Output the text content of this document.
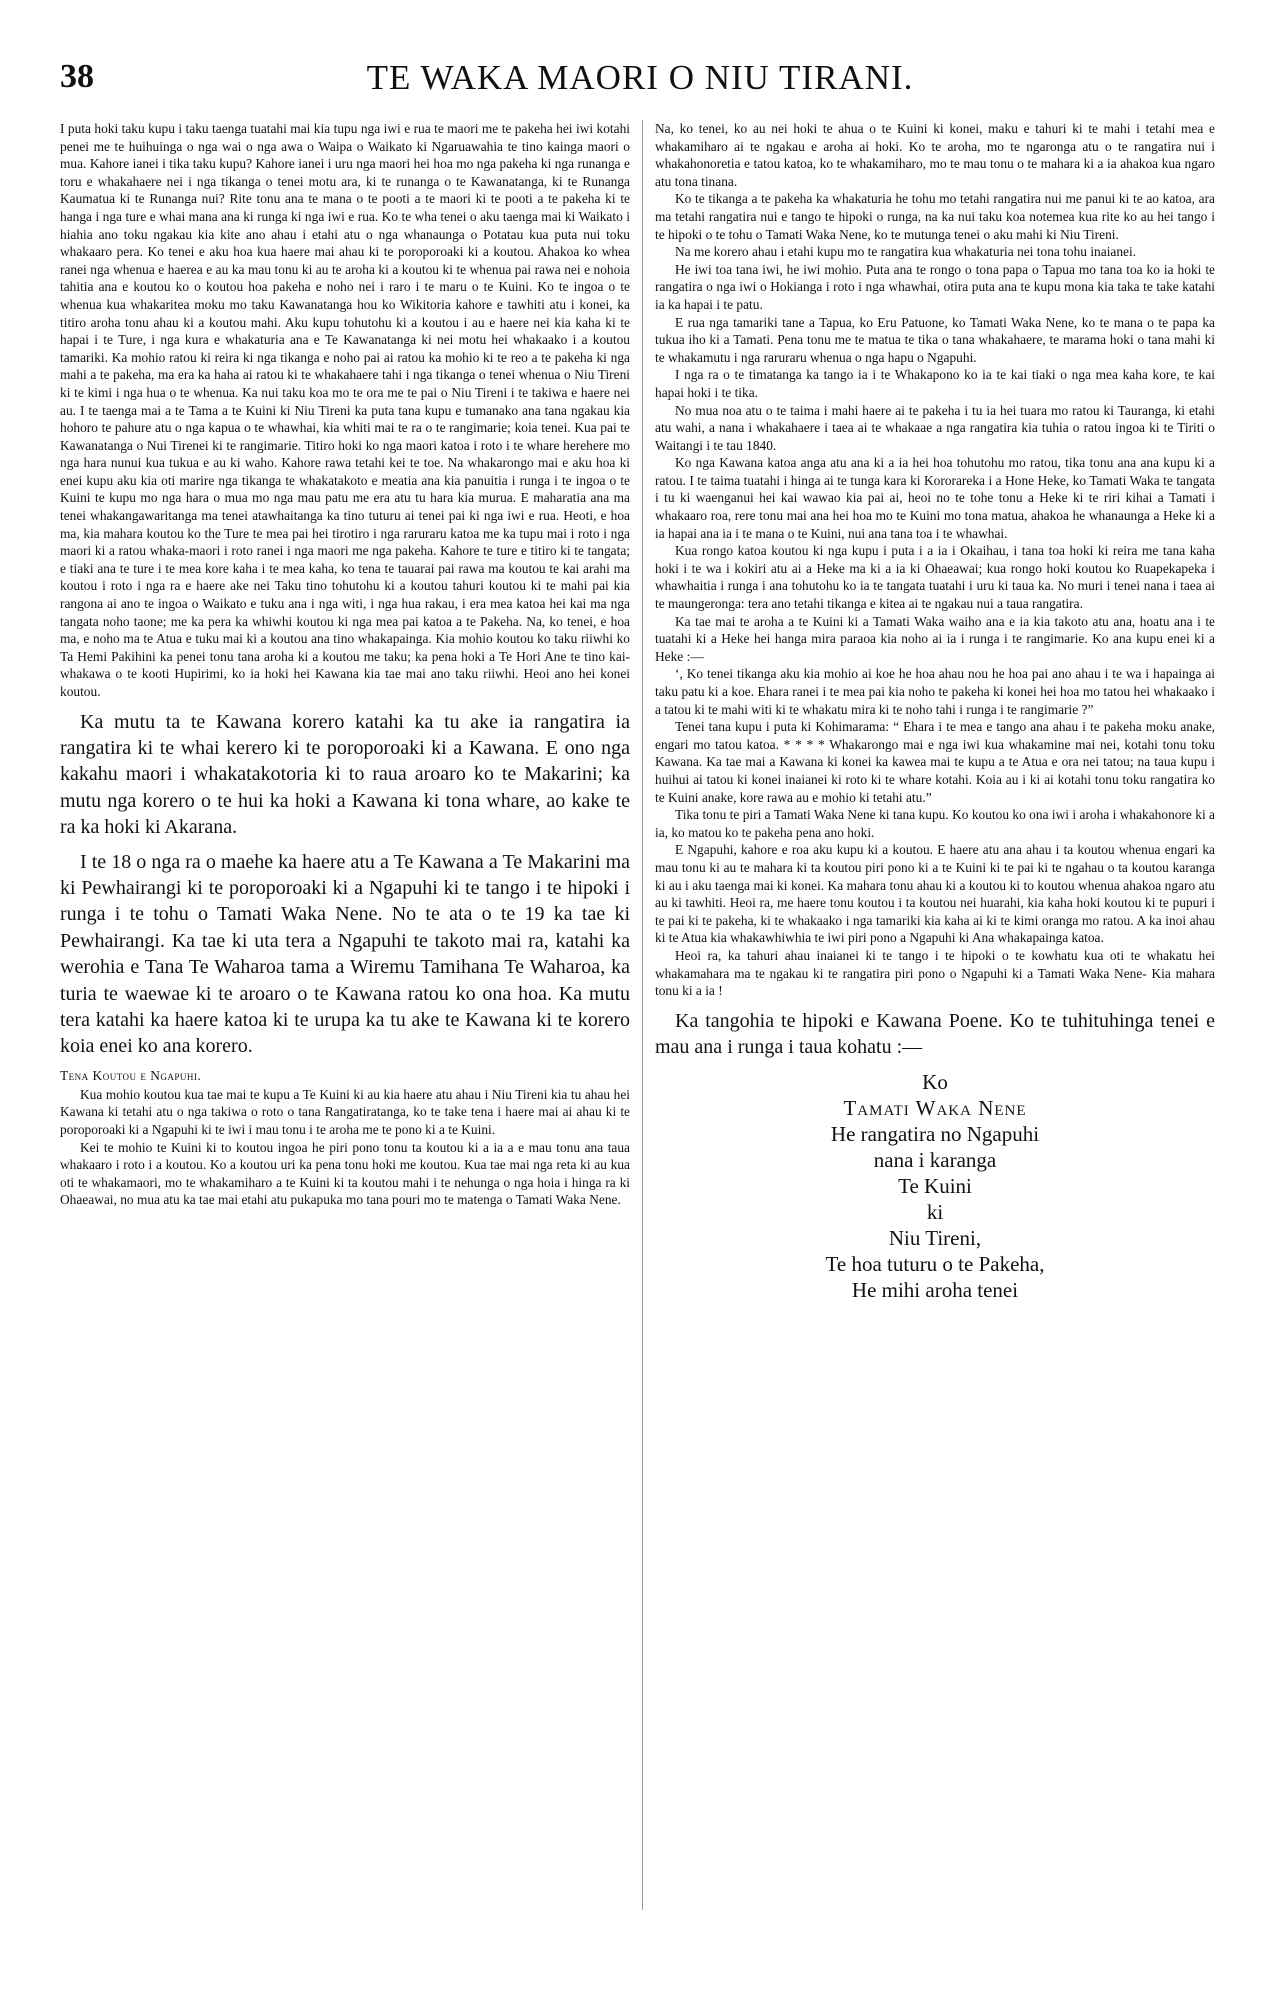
38	TE WAKA MAORI O NIU TIRANI.

I puta hoki taku kupu i taku taenga tuatahi mai kia tupu nga iwi e rua te maori me te pakeha hei iwi kotahi penei me te huihuinga o nga wai o nga awa o Waipa o Waikato ki Ngaruawahia te tino kainga maori o mua. Kahore ianei i tika taku kupu? Kahore ianei i uru nga maori hei hoa mo nga pakeha ki nga runanga e toru e whakahaere nei i nga tikanga o tenei motu ara, ki te runanga o te Kawanatanga, ki te Runanga Kaumatua ki te Runanga nui? Rite tonu ana te mana o te pooti a te maori ki te pooti a te pakeha ki te hanga i nga ture e whai mana ana ki runga ki nga iwi e rua. Ko te wha tenei o aku taenga mai ki Waikato i hiahia ano toku ngakau kia kite ano ahau i etahi atu o nga whanaunga o Potatau kua puta nui toku whakaaro pera. Ko tenei e aku hoa kua haere mai ahau ki te poroporoaki ki a koutou. Ahakoa ko whea ranei nga whenua e haerea e au ka mau tonu ki au te aroha ki a koutou ki te whenua pai rawa nei e nohoia tahitia ana e koutou ko o koutou hoa pakeha e noho nei i raro i te maru o te Kuini. Ko te ingoa o te whenua kua whakaritea moku mo taku Kawanatanga hou ko Wikitoria kahore e tawhiti atu i konei, ka titiro aroha tonu ahau ki a koutou mahi. Aku kupu tohutohu ki a koutou i au e haere nei kia kaha ki te hapai i te Ture, i nga kura e whakaturia ana e Te Kawanatanga ki nei motu hei whakaako i a koutou tamariki. Ka mohio ratou ki reira ki nga tikanga e noho pai ai ratou ka mohio ki te reo a te pakeha ki nga mahi a te pakeha, ma era ka haha ai ratou ki te whakahaere tahi i nga tikanga o tenei whenua o Niu Tireni ki te kimi i nga hua o te whenua. Ka nui taku koa mo te ora me te pai o Niu Tireni i te takiwa e haere nei au. I te taenga mai a te Tama a te Kuini ki Niu Tireni ka puta tana kupu e tumanako ana tana ngakau kia hohoro te pahure atu o nga kapua o te whawhai, kia whiti mai te ra o te rangimarie; koia tenei. Kua pai te Kawanatanga o Nui Tirenei ki te rangimarie. Titiro hoki ko nga maori katoa i roto i te whare herehere mo nga hara nunui kua tukua e au ki waho. Kahore rawa tetahi kei te toe. Na whakarongo mai e aku hoa ki enei kupu aku kia oti marire nga tikanga te whakatakoto e meatia ana kia panuitia i runga i te ingoa o te Kuini te kupu mo nga hara o mua mo nga mau patu me era atu tu hara kia murua. E maharatia ana ma tenei whakangawaritanga ma tenei atawhaitanga ka tino tuturu ai tenei pai ki nga iwi e rua. Heoti, e hoa ma, kia mahara koutou ko the Ture te mea pai hei tirotiro i nga raruraru katoa me ka tupu mai i roto i nga maori ki a ratou whaka-maori i roto ranei i nga maori me nga pakeha. Kahore te ture e titiro ki te tangata; e tiaki ana te ture i te mea kore kaha i te mea kaha, ko tena te tauarai pai rawa ma koutou te kai arahi ma koutou i roto i nga ra e haere ake nei Taku tino tohutohu ki a koutou tahuri koutou ki te mahi pai kia rangona ai ano te ingoa o Waikato e tuku ana i nga witi, i nga hua rakau, i era mea katoa hei kai ma nga tangata noho taone; me ka pera ka whiwhi koutou ki nga mea pai katoa a te Pakeha. Na, ko tenei, e hoa ma, e noho ma te Atua e tuku mai ki a koutou ana tino whakapainga. Kia mohio koutou ko taku riiwhi ko Ta Hemi Pakihini ka penei tonu tana aroha ki a koutou me taku; ka pena hoki a Te Hori Ane te tino kai-whakawa o te kooti Hupirimi, ko ia hoki hei Kawana kia tae mai ano taku riiwhi. Heoi ano hei konei koutou.

Ka mutu ta te Kawana korero katahi ka tu ake ia rangatira ia rangatira ki te whai kerero ki te poroporoaki ki a Kawana. E ono nga kakahu maori i whakatakotoria ki to raua aroaro ko te Makarini; ka mutu nga korero o te hui ka hoki a Kawana ki tona whare, ao kake te ra ka hoki ki Akarana.

I te 18 o nga ra o maehe ka haere atu a Te Kawana a Te Makarini ma ki Pewhairangi ki te poroporoaki ki a Ngapuhi ki te tango i te hipoki i runga i te tohu o Tamati Waka Nene. No te ata o te 19 ka tae ki Pewhairangi. Ka tae ki uta tera a Ngapuhi te takoto mai ra, katahi ka werohia e Tana Te Waharoa tama a Wiremu Tamihana Te Waharoa, ka turia te waewae ki te aroaro o te Kawana ratou ko ona hoa. Ka mutu tera katahi ka haere katoa ki te urupa ka tu ake te Kawana ki te korero koia enei ko ana korero.

Tena Koutou e Ngapuhi.

Kua mohio koutou kua tae mai te kupu a Te Kuini ki au kia haere atu ahau i Niu Tireni kia tu ahau hei Kawana ki tetahi atu o nga takiwa o roto o tana Rangatiratanga, ko te take tena i haere mai ai ahau ki te poroporoaki ki a Ngapuhi ki te iwi i mau tonu i te aroha me te pono ki a te Kuini.

Kei te mohio te Kuini ki to koutou ingoa he piri pono tonu ta koutou ki a ia a e mau tonu ana taua whakaaro i roto i a koutou. Ko a koutou uri ka pena tonu hoki me koutou. Kua tae mai nga reta ki au kua oti te whakamaori, mo te whakamiharo a te Kuini ki ta koutou mahi i te nehunga o nga hoia i hinga ra ki Ohaeawai, no mua atu ka tae mai etahi atu pukapuka mo tana pouri mo te matenga o Tamati Waka Nene.

Na, ko tenei, ko au nei hoki te ahua o te Kuini ki konei, maku e tahuri ki te mahi i tetahi mea e whakamiharo ai te ngakau e aroha ai hoki. Ko te aroha, mo te ngaronga atu o te rangatira nui i whakahonoretia e tatou katoa, ko te whakamiharo, mo te mau tonu o te mahara ki a ia ahakoa kua ngaro atu tona tinana.

Ko te tikanga a te pakeha ka whakaturia he tohu mo tetahi rangatira nui me panui ki te ao katoa, ara ma tetahi rangatira nui e tango te hipoki o runga, na ka nui taku koa notemea kua rite ko au hei tango i te hipoki o te tohu o Tamati Waka Nene, ko te mutunga tenei o aku mahi ki Niu Tireni.

Na me korero ahau i etahi kupu mo te rangatira kua whakaturia nei tona tohu inaianei.

He iwi toa tana iwi, he iwi mohio. Puta ana te rongo o tona papa o Tapua mo tana toa ko ia hoki te rangatira o nga iwi o Hokianga i roto i nga whawhai, otira puta ana te kupu mona kia taka te take katahi ia ka hapai i te patu.

E rua nga tamariki tane a Tapua, ko Eru Patuone, ko Tamati Waka Nene, ko te mana o te papa ka tukua iho ki a Tamati. Pena tonu me te matua te tika o tana whakahaere, te marama hoki o tana mahi ki te whakamutu i nga raruraru whenua o nga hapu o Ngapuhi.

I nga ra o te timatanga ka tango ia i te Whakapono ko ia te kai tiaki o nga mea kaha kore, te kai hapai hoki i te tika.

No mua noa atu o te taima i mahi haere ai te pakeha i tu ia hei tuara mo ratou ki Tauranga, ki etahi atu wahi, a nana i whakahaere i taea ai te whakaae a nga rangatira kia tuhia o ratou ingoa ki te Tiriti o Waitangi i te tau 1840.

Ko nga Kawana katoa anga atu ana ki a ia hei hoa tohutohu mo ratou, tika tonu ana ana kupu ki a ratou. I te taima tuatahi i hinga ai te tunga kara ki Kororareka i a Hone Heke, ko Tamati Waka te tangata i tu ki waenganui hei kai wawao kia pai ai, heoi no te tohe tonu a Heke ki te riri kihai a Tamati i whakaaro roa, rere tonu mai ana hei hoa mo te Kuini mo tona matua, ahakoa he whanaunga a Heke ki a ia hapai ana ia i te mana o te Kuini, nui ana tana toa i te whawhai.

Kua rongo katoa koutou ki nga kupu i puta i a ia i Okaihau, i tana toa hoki ki reira me tana kaha hoki i te wa i kokiri atu ai a Heke ma ki a ia ki Ohaeawai; kua rongo hoki koutou ko Ruapekapeka i whawhaitia i runga i ana tohutohu ko ia te tangata tuatahi i uru ki taua ka. No muri i tenei nana i taea ai te maungeronga: tera ano tetahi tikanga e kitea ai te ngakau nui a taua rangatira.

Ka tae mai te aroha a te Kuini ki a Tamati Waka waiho ana e ia kia takoto atu ana, hoatu ana i te tuatahi ki a Heke hei hanga mira paraoa kia noho ai ia i runga i te rangimarie. Ko ana kupu enei ki a Heke :—

‘, Ko tenei tikanga aku kia mohio ai koe he hoa ahau nou he hoa pai ano ahau i te wa i hapainga ai taku patu ki a koe. Ehara ranei i te mea pai kia noho te pakeha ki konei hei hoa mo tatou hei whakaako i a tatou ki te mahi witi ki te whakatu mira ki te noho tahi i runga i te rangimarie ?”

Tenei tana kupu i puta ki Kohimarama: “ Ehara i te mea e tango ana ahau i te pakeha moku anake, engari mo tatou katoa. * * * * Whakarongo mai e nga iwi kua whakamine mai nei, kotahi tonu toku Kawana. Ka tae mai a Kawana ki konei ka kawea mai te kupu a te Atua e ora nei tatou; na taua kupu i huihui ai tatou ki konei inaianei ki roto ki te whare kotahi. Koia au i ki ai kotahi tonu toku rangatira ko te Kuini anake, kore rawa au e mohio ki tetahi atu.”

Tika tonu te piri a Tamati Waka Nene ki tana kupu. Ko koutou ko ona iwi i aroha i whakahonore ki a ia, ko matou ko te pakeha pena ano hoki.

E Ngapuhi, kahore e roa aku kupu ki a koutou. E haere atu ana ahau i ta koutou whenua engari ka mau tonu ki au te mahara ki ta koutou piri pono ki a te Kuini ki te pai ki te ngahau o ta koutou karanga ki au i aku taenga mai ki konei. Ka mahara tonu ahau ki a koutou ki to koutou whenua ahakoa ngaro atu au ki tawhiti. Heoi ra, me haere tonu koutou i ta koutou nei huarahi, kia kaha hoki koutou ki te pupuri i te pai ki te pakeha, ki te whakaako i nga tamariki kia kaha ai ki te kimi oranga mo ratou. A ka inoi ahau ki te Atua kia whakawhiwhia te iwi piri pono a Ngapuhi ki Ana whakapainga katoa.

Heoi ra, ka tahuri ahau inaianei ki te tango i te hipoki o te kowhatu kua oti te whakatu hei whakamahara ma te ngakau ki te rangatira piri pono o Ngapuhi ki a Tamati Waka Nene- Kia mahara tonu ki a ia !

Ka tangohia te hipoki e Kawana Poene. Ko te tuhituhinga tenei e mau ana i runga i taua kohatu :—

Ko
Tamati Waka Nene
He rangatira no Ngapuhi
nana i karanga
Te Kuini
ki
Niu Tireni,
Te hoa tuturu o te Pakeha,
He mihi aroha tenei
